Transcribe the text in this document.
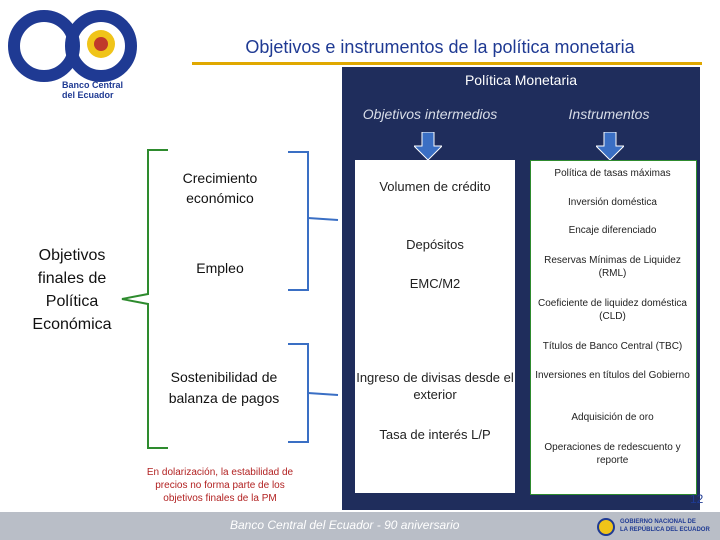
Banco Central
del Ecuador
Objetivos e instrumentos de la política monetaria
Política Monetaria
Objetivos intermedios	Instrumentos
Volumen de crédito
Depósitos
EMC/M2
Ingreso de divisas desde el exterior
Tasa de interés L/P
Política de tasas máximas
Inversión doméstica
Encaje diferenciado
Reservas Mínimas de Liquidez (RML)
Coeficiente de liquidez doméstica (CLD)
Títulos de Banco Central (TBC)
Inversiones en títulos del Gobierno
Adquisición de oro
Operaciones de redescuento y reporte
Objetivos finales de Política Económica
Crecimiento económico
Empleo
Sostenibilidad de balanza de pagos
En dolarización, la estabilidad de precios no forma parte de los objetivos finales de la PM	12
Banco Central del Ecuador - 90 aniversario	GOBIERNO NACIONAL DE
LA REPÚBLICA DEL ECUADOR
